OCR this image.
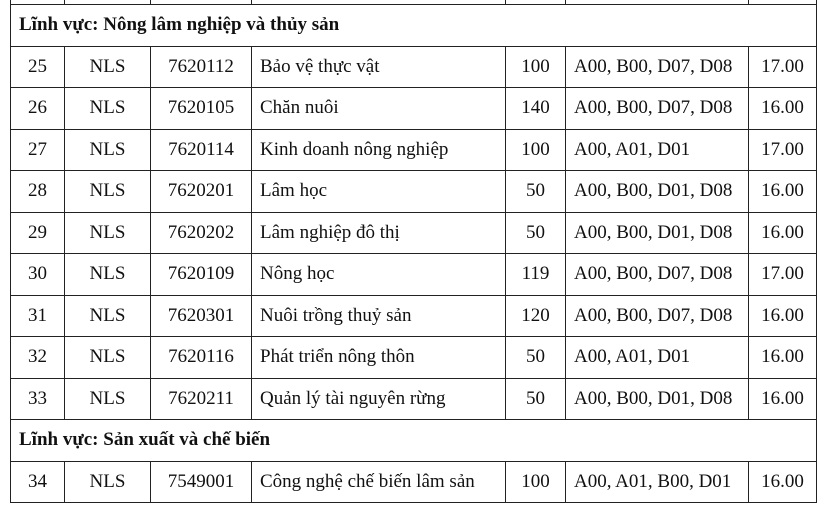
Lĩnh vực: Nông lâm nghiệp và thủy sản						
25	NLS	7620112	Bảo vệ thực vật	100	A00, B00, D07, D08	17.00
26	NLS	7620105	Chăn nuôi	140	A00, B00, D07, D08	16.00
27	NLS	7620114	Kinh doanh nông nghiệp	100	A00, A01, D01	17.00
28	NLS	7620201	Lâm học	50	A00, B00, D01, D08	16.00
29	NLS	7620202	Lâm nghiệp đô thị	50	A00, B00, D01, D08	16.00
30	NLS	7620109	Nông học	119	A00, B00, D07, D08	17.00
31	NLS	7620301	Nuôi trồng thuỷ sản	120	A00, B00, D07, D08	16.00
32	NLS	7620116	Phát triển nông thôn	50	A00, A01, D01	16.00
33	NLS	7620211	Quản lý tài nguyên rừng	50	A00, B00, D01, D08	16.00
Lĩnh vực: Sản xuất và chế biến						
34	NLS	7549001	Công nghệ chế biến lâm sản	100	A00, A01, B00, D01	16.00
